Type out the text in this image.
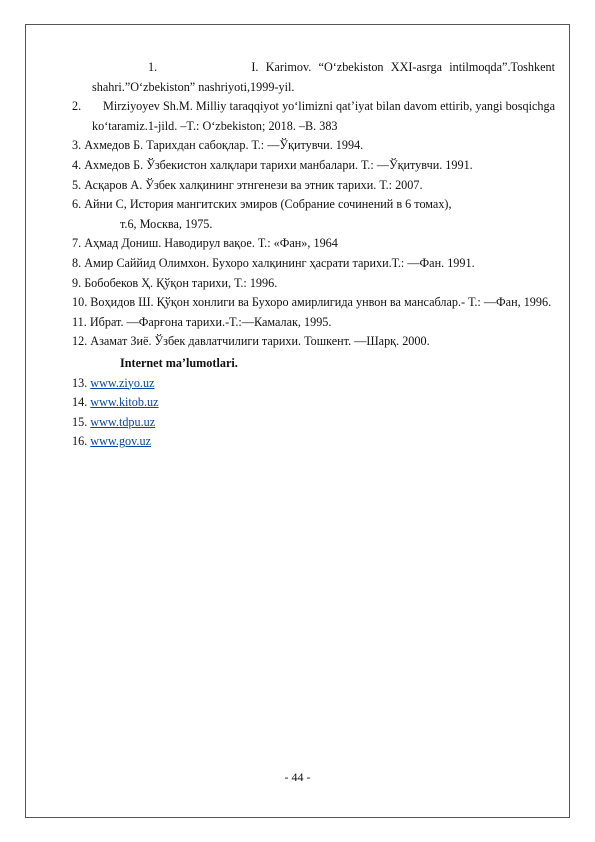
1.	I. Karimov. “O‘zbekiston XXI-asrga intilmoqda”.Toshkent shahri.”O‘zbekiston” nashriyoti,1999-yil.
2. Mirziyoyev Sh.M. Milliy taraqqiyot yo‘limizni qat’iyat bilan davom ettirib, yangi bosqichga ko‘taramiz.1-jild. –T.: O‘zbekiston; 2018. –B. 383
3. Ахмедов Б. Тарихдан сабоқлар. Т.: ―Ўқитувчи. 1994.
4. Ахмедов Б. Ўзбекистон халқлари тарихи манбалари. Т.: ―Ўқитувчи. 1991.
5. Асқаров А. Ўзбек халқининг этнгенези ва этник тарихи. Т.: 2007.
6. Айни С, История мангитских эмиров (Собрание сочинений в 6 томах),
т.6, Москва, 1975.
7. Аҳмад Дониш. Наводирул вақое. Т.: «Фан», 1964
8. Амир Саййид Олимхон. Бухоро халқининг ҳасрати тарихи.Т.: ―Фан. 1991.
9. Бобобеков Ҳ. Қўқон тарихи, Т.: 1996.
10. Воҳидов Ш. Қўқон хонлиги ва Бухоро амирлигида унвон ва мансаблар.- Т.: ―Фан, 1996.
11. Ибрат. ―Фарғона тарихи.-Т.:―Камалак, 1995.
12. Азамат Зиё. Ўзбек давлатчилиги тарихи. Тошкент. ―Шарқ. 2000.
Internet ma’lumotlari.
13. www.ziyo.uz
14. www.kitob.uz
15. www.tdpu.uz
16. www.gov.uz
- 44 -
